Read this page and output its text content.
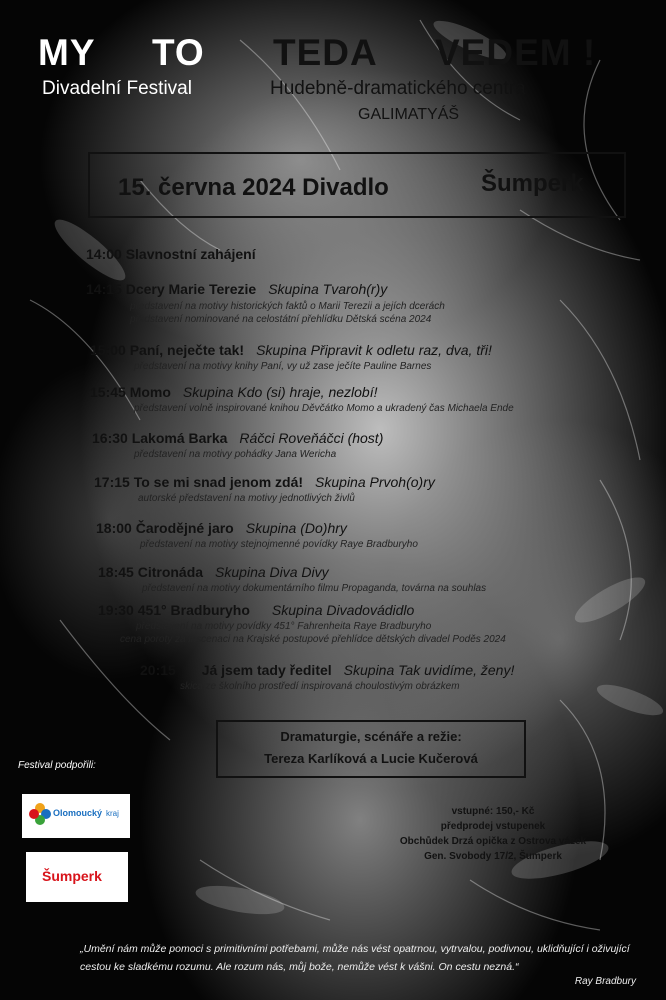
MY TO TEDA VEDEM !
Divadelní Festival	Hudebně-dramatického centra
GALIMATYÁŠ
15. června 2024 Divadlo	Šumperk
14:00 Slavnostní zahájení
14:15 Dcery Marie Terezie Skupina Tvaroh(r)y
představení na motivy historických faktů o Marii Terezii a jejích dcerách
představení nominované na celostátní přehlídku Dětská scéna 2024
15:00 Paní, neječte tak! Skupina Připravit k odletu raz, dva, tři!
představení na motivy knihy Paní, vy už zase ječíte Pauline Barnes
15:45 Momo Skupina Kdo (si) hraje, nezlobí!
představení volně inspirované knihou Děvčátko Momo a ukradený čas Michaela Ende
16:30 Lakomá Barka Ráčci Roveňáčci (host)
představení na motivy pohádky Jana Wericha
17:15 To se mi snad jenom zdá! Skupina Prvoh(o)ry
autorské představení na motivy jednotlivých živlů
18:00 Čarodějné jaro Skupina (Do)hry
představení na motivy stejnojmenné povídky Raye Bradburyho
18:45 Citronáda Skupina Diva Divy
představení na motivy dokumentárního filmu Propaganda, továrna na souhlas
19:30 451° Bradburyho Skupina Divadovádidlo
představení na motivy povídky 451° Fahrenheita Raye Bradburyho
cena poroty za inscenaci na Krajské postupové přehlídce dětských divadel Poděs 2024
20:15 Já jsem tady ředitel Skupina Tak uvidíme, ženy!
skica ze školního prostředí inspirovaná choulostivým obrázkem
Dramaturgie, scénáře a režie:
Tereza Karlíková a Lucie Kučerová
Festival podpořili:
Olomoucký kraj
Šumperk
vstupné: 150,- Kč
předprodej vstupenek
Obchůdek Drzá opička z Ostrova vážek
Gen. Svobody 17/2, Šumperk
„Umění nám může pomoci s primitivními potřebami, může nás vést opatrnou, vytrvalou, podivnou, uklidňující i oživující cestou ke sladkému rozumu. Ale rozum nás, můj bože, nemůže vést k vášni. On cestu nezná.“
Ray Bradbury
